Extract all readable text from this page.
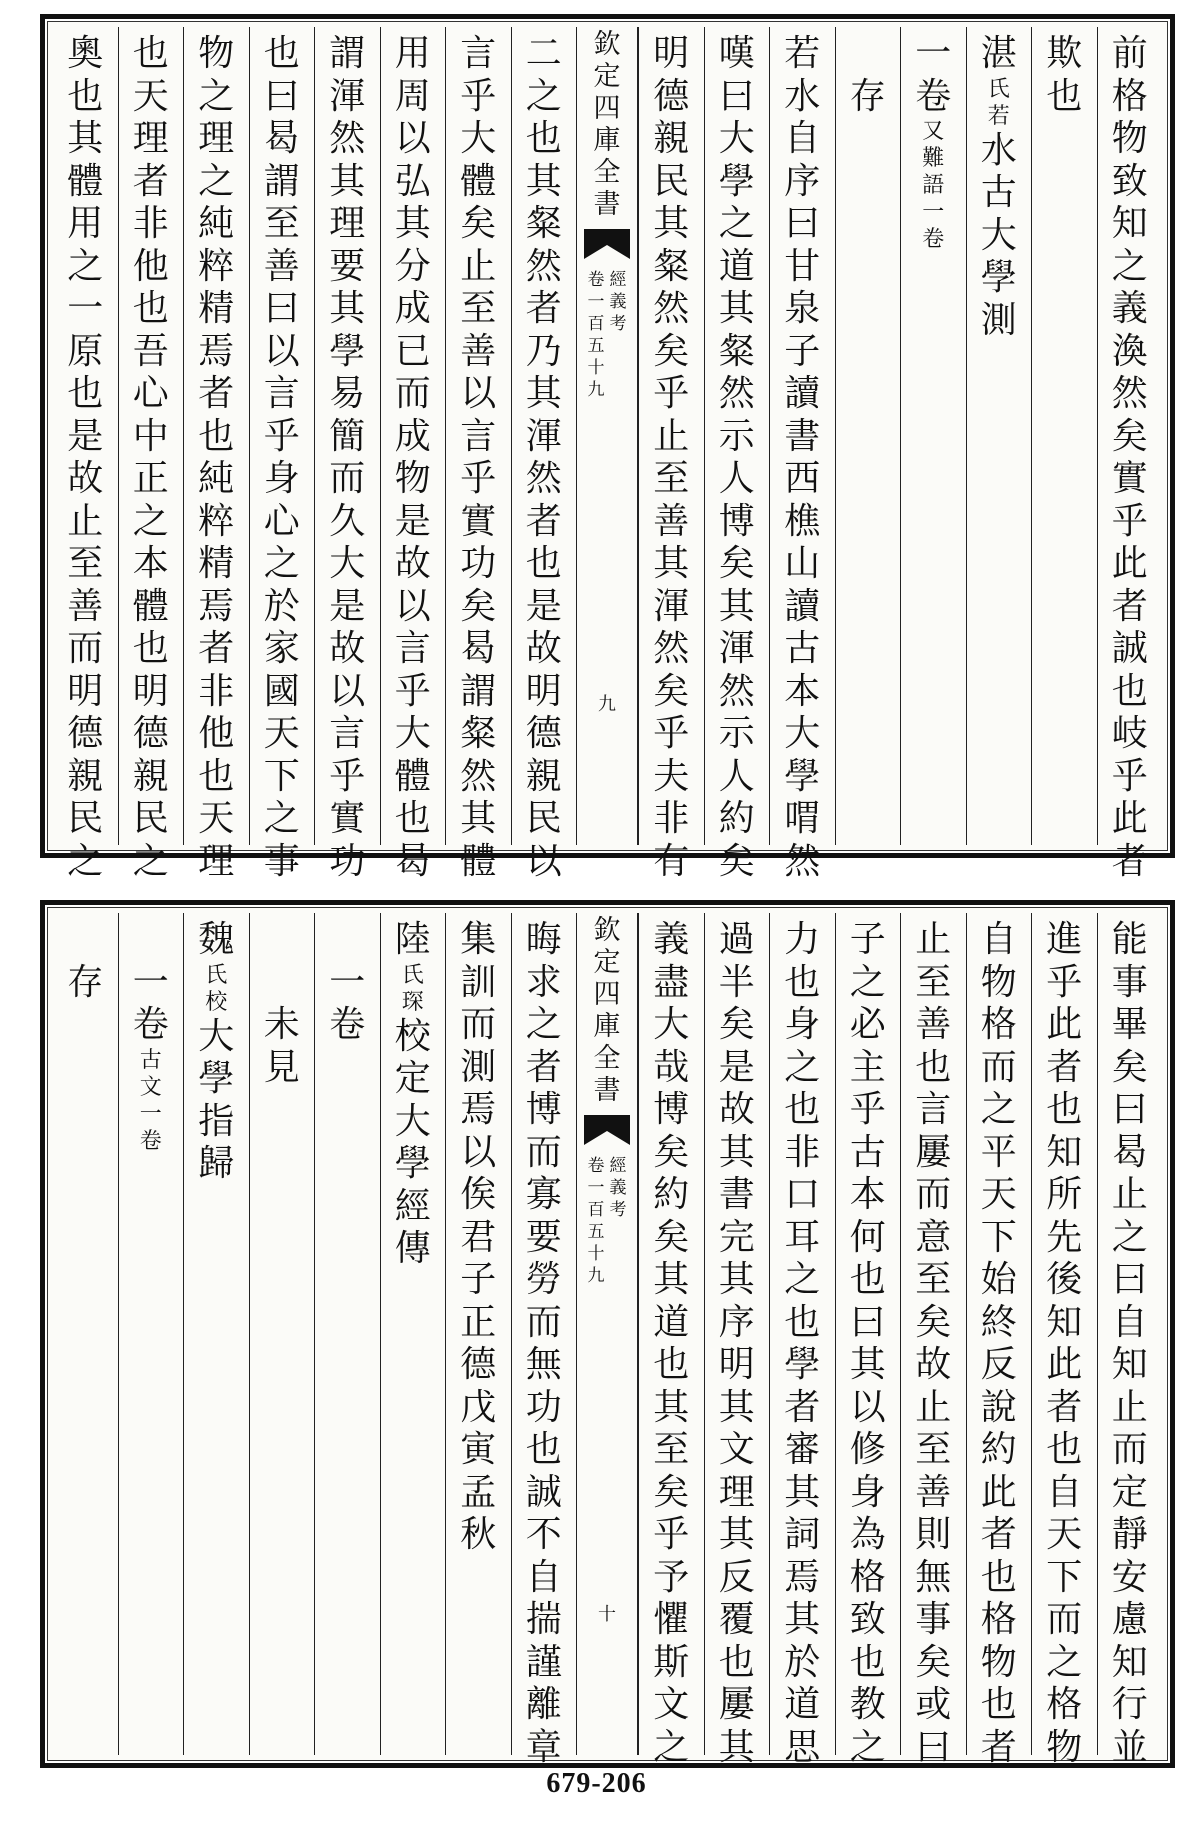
前
格
物
致
知
之
義
渙
然
矣
實
乎
此
者
誠
也
岐
乎
此
者
欺
也
湛
氏
若
水
古
大
學
測
一
卷
又
難
語
一
卷
存
若
水
自
序
曰
甘
泉
子
讀
書
西
樵
山
讀
古
本
大
學
喟
然
嘆
曰
大
學
之
道
其
粲
然
示
人
博
矣
其
渾
然
示
人
約
矣
明
德
親
民
其
粲
然
矣
乎
止
至
善
其
渾
然
矣
乎
夫
非
有
欽
定
四
庫
全
書
經
義
考
卷
一
百
五
十
九
九
二
之
也
其
粲
然
者
乃
其
渾
然
者
也
是
故
明
德
親
民
以
言
乎
大
體
矣
止
至
善
以
言
乎
實
功
矣
曷
謂
粲
然
其
體
用
周
以
弘
其
分
成
已
而
成
物
是
故
以
言
乎
大
體
也
曷
謂
渾
然
其
理
要
其
學
易
簡
而
久
大
是
故
以
言
乎
實
功
也
曰
曷
謂
至
善
曰
以
言
乎
身
心
之
於
家
國
天
下
之
事
物
之
理
之
純
粹
精
焉
者
也
純
粹
精
焉
者
非
他
也
天
理
也
天
理
者
非
他
也
吾
心
中
正
之
本
體
也
明
德
親
民
之
奧
也
其
體
用
之
一
原
也
是
故
止
至
善
而
明
德
親
民
之
能
事
畢
矣
曰
曷
止
之
曰
自
知
止
而
定
靜
安
慮
知
行
並
進
乎
此
者
也
知
所
先
後
知
此
者
也
自
天
下
而
之
格
物
自
物
格
而
之
平
天
下
始
終
反
說
約
此
者
也
格
物
也
者
止
至
善
也
言
屢
而
意
至
矣
故
止
至
善
則
無
事
矣
或
曰
子
之
必
主
乎
古
本
何
也
曰
其
以
修
身
為
格
致
也
教
之
力
也
身
之
也
非
口
耳
之
也
學
者
審
其
詞
焉
其
於
道
思
過
半
矣
是
故
其
書
完
其
序
明
其
文
理
其
反
覆
也
屢
其
義
盡
大
哉
博
矣
約
矣
其
道
也
其
至
矣
乎
予
懼
斯
文
之
欽
定
四
庫
全
書
經
義
考
卷
一
百
五
十
九
十
晦
求
之
者
博
而
寡
要
勞
而
無
功
也
誠
不
自
揣
謹
離
章
集
訓
而
測
焉
以
俟
君
子
正
德
戊
寅
孟
秋
陸
氏
琛
校
定
大
學
經
傳
一
卷
未
見
魏
氏
校
大
學
指
歸
一
卷
古
文
一
卷
存
679-206
